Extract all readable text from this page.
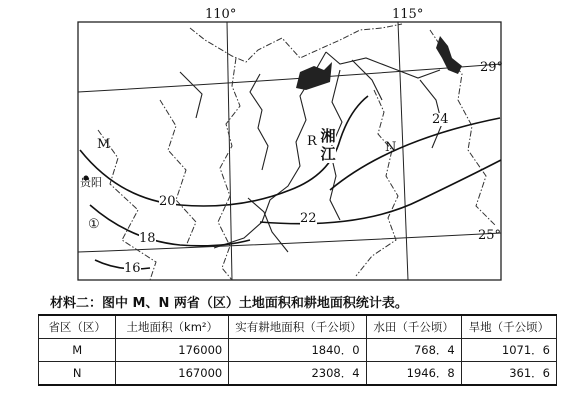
110°	115°
29°
25°
M	N
R
贵阳
湘
江
①
24
22
20
18
16
材料二：图中 M、N 两省（区）土地面积和耕地面积统计表。
省区（区）	土地面积（km²）	实有耕地面积（千公顷）	水田（千公顷）	旱地（千公顷）
M	176000	1840．0	768．4	1071．6
N	167000	2308．4	1946．8	361．6
